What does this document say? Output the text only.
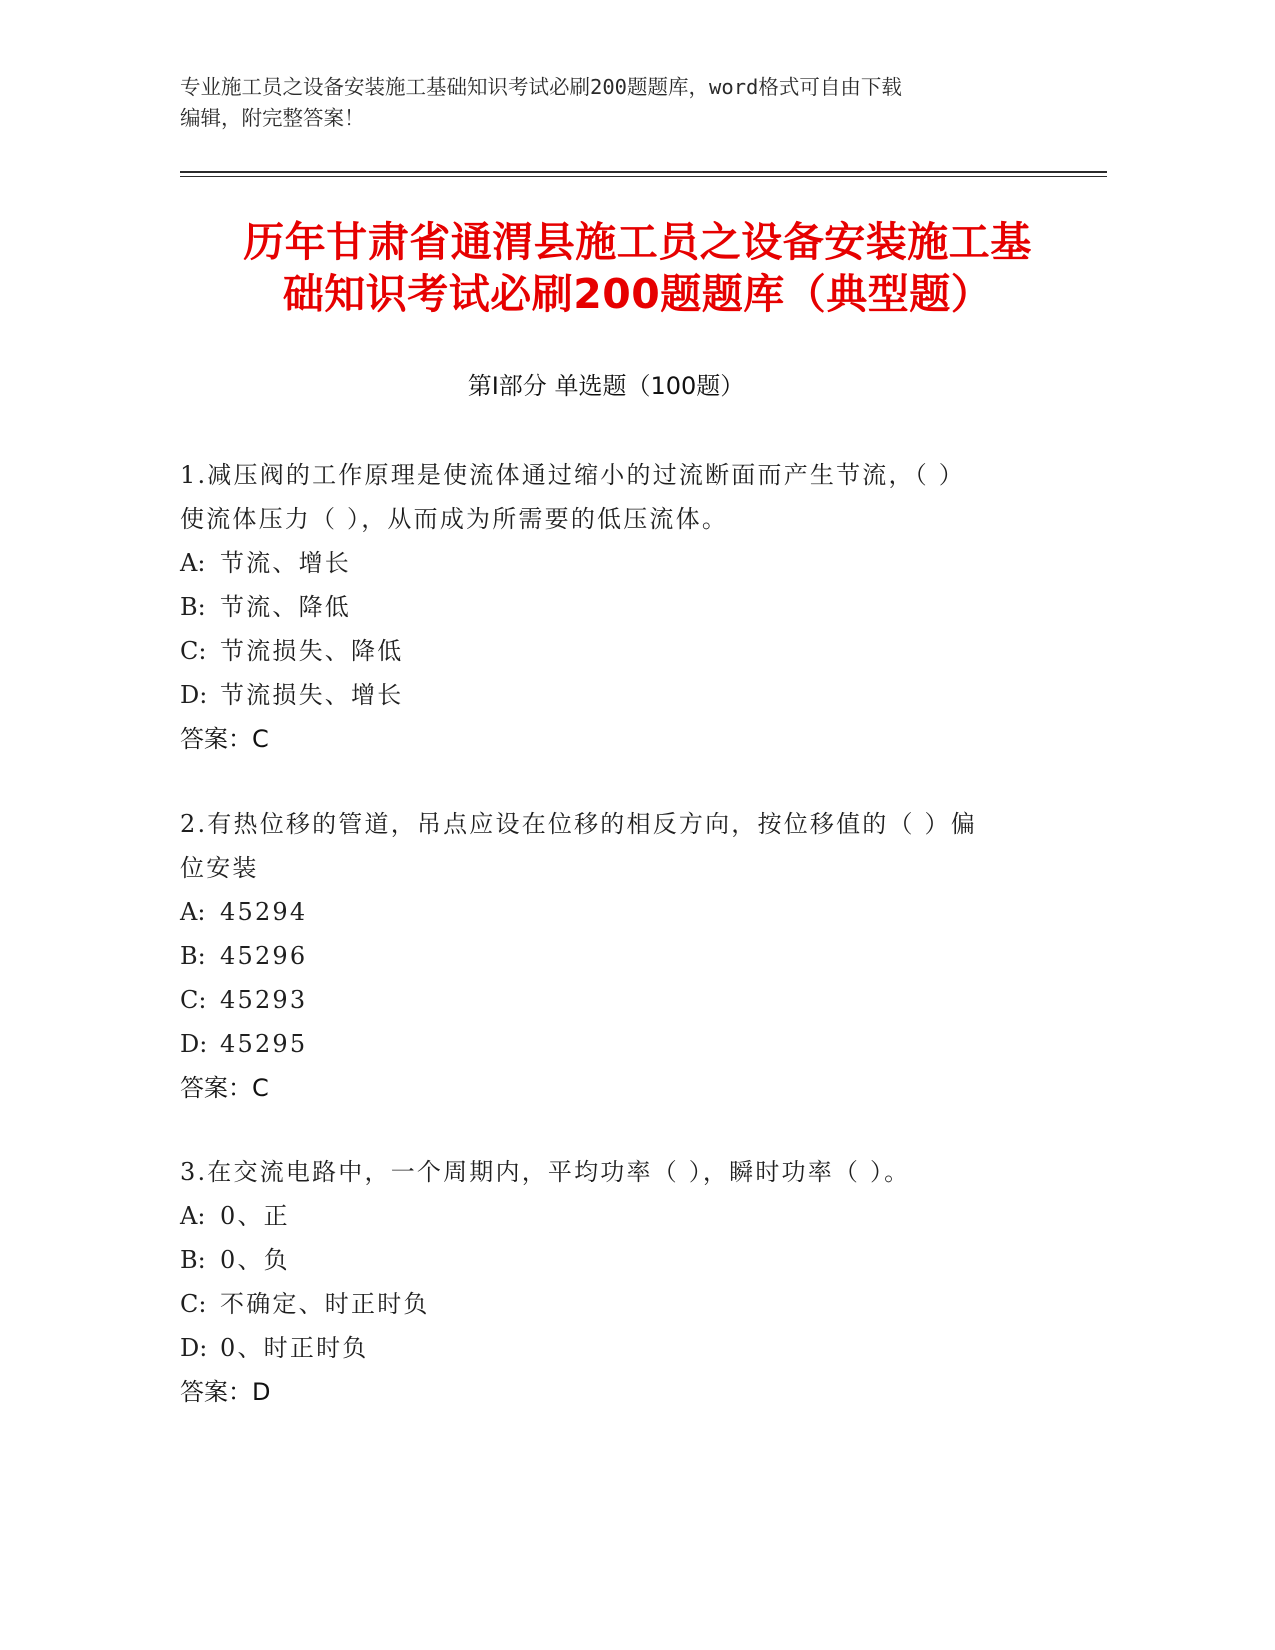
专业施工员之设备安装施工基础知识考试必刷200题题库，word格式可自由下载
编辑，附完整答案！
历年甘肃省通渭县施工员之设备安装施工基
础知识考试必刷200题题库（典型题）
第Ⅰ部分 单选题（100题）
1.减压阀的工作原理是使流体通过缩小的过流断面而产生节流，（ ）
使流体压力（ ），从而成为所需要的低压流体。
A: 节流、增长
B: 节流、降低
C: 节流损失、降低
D: 节流损失、增长
答案：C
2.有热位移的管道，吊点应设在位移的相反方向，按位移值的（ ）偏
位安装
A: 45294
B: 45296
C: 45293
D: 45295
答案：C
3.在交流电路中，一个周期内，平均功率（ ），瞬时功率（ ）。
A: 0、正
B: 0、负
C: 不确定、时正时负
D: 0、时正时负
答案：D
